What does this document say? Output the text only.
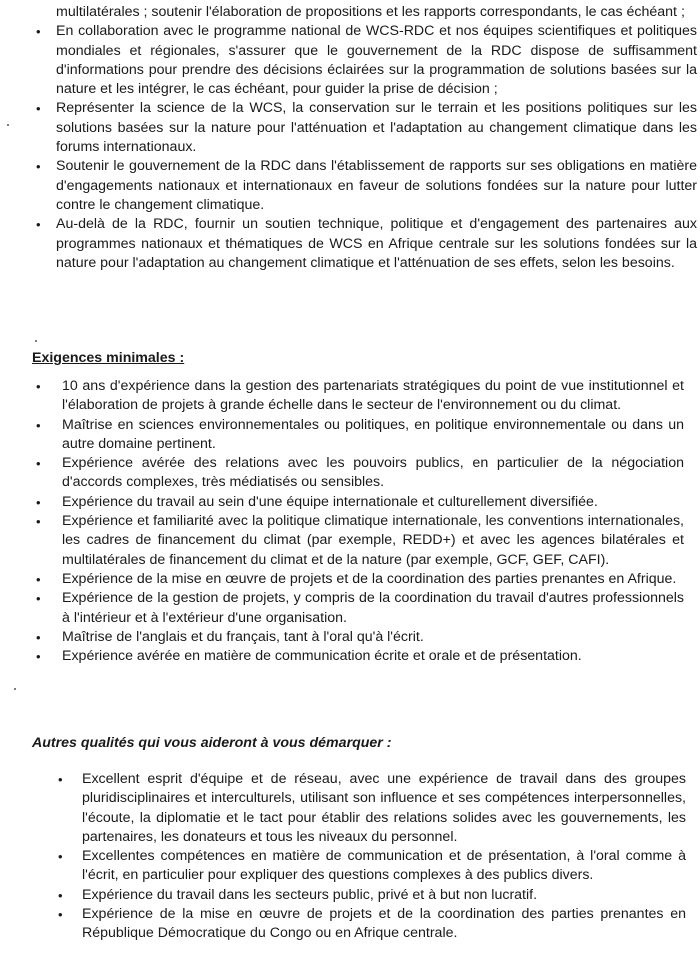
multilatérales ; soutenir l'élaboration de propositions et les rapports correspondants, le cas échéant ;
• En collaboration avec le programme national de WCS-RDC et nos équipes scientifiques et politiques mondiales et régionales, s'assurer que le gouvernement de la RDC dispose de suffisamment d'informations pour prendre des décisions éclairées sur la programmation de solutions basées sur la nature et les intégrer, le cas échéant, pour guider la prise de décision ;
• Représenter la science de la WCS, la conservation sur le terrain et les positions politiques sur les solutions basées sur la nature pour l'atténuation et l'adaptation au changement climatique dans les forums internationaux.
• Soutenir le gouvernement de la RDC dans l'établissement de rapports sur ses obligations en matière d'engagements nationaux et internationaux en faveur de solutions fondées sur la nature pour lutter contre le changement climatique.
• Au-delà de la RDC, fournir un soutien technique, politique et d'engagement des partenaires aux programmes nationaux et thématiques de WCS en Afrique centrale sur les solutions fondées sur la nature pour l'adaptation au changement climatique et l'atténuation de ses effets, selon les besoins.
Exigences minimales :
• 10 ans d'expérience dans la gestion des partenariats stratégiques du point de vue institutionnel et l'élaboration de projets à grande échelle dans le secteur de l'environnement ou du climat.
• Maîtrise en sciences environnementales ou politiques, en politique environnementale ou dans un autre domaine pertinent.
• Expérience avérée des relations avec les pouvoirs publics, en particulier de la négociation d'accords complexes, très médiatisés ou sensibles.
• Expérience du travail au sein d'une équipe internationale et culturellement diversifiée.
• Expérience et familiarité avec la politique climatique internationale, les conventions internationales, les cadres de financement du climat (par exemple, REDD+) et avec les agences bilatérales et multilatérales de financement du climat et de la nature (par exemple, GCF, GEF, CAFI).
• Expérience de la mise en œuvre de projets et de la coordination des parties prenantes en Afrique.
• Expérience de la gestion de projets, y compris de la coordination du travail d'autres professionnels à l'intérieur et à l'extérieur d'une organisation.
• Maîtrise de l'anglais et du français, tant à l'oral qu'à l'écrit.
• Expérience avérée en matière de communication écrite et orale et de présentation.
Autres qualités qui vous aideront à vous démarquer :
• Excellent esprit d'équipe et de réseau, avec une expérience de travail dans des groupes pluridisciplinaires et interculturels, utilisant son influence et ses compétences interpersonnelles, l'écoute, la diplomatie et le tact pour établir des relations solides avec les gouvernements, les partenaires, les donateurs et tous les niveaux du personnel.
• Excellentes compétences en matière de communication et de présentation, à l'oral comme à l'écrit, en particulier pour expliquer des questions complexes à des publics divers.
• Expérience du travail dans les secteurs public, privé et à but non lucratif.
• Expérience de la mise en œuvre de projets et de la coordination des parties prenantes en République Démocratique du Congo ou en Afrique centrale.
